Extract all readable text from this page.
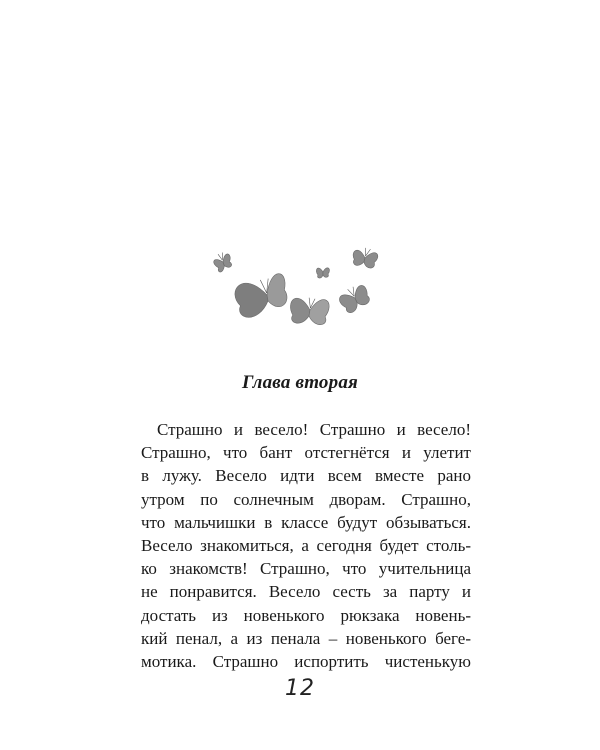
Глава вторая
Страшно и весело! Страшно и весело!
Страшно, что бант отстегнётся и улетит
в лужу. Весело идти всем вместе рано
утром по солнечным дворам. Страшно,
что мальчишки в классе будут обзываться.
Весело знакомиться, а сегодня будет столь-
ко знакомств! Страшно, что учительница
не понравится. Весело сесть за парту и
достать из новенького рюкзака новень-
кий пенал, а из пенала – новенького беге-
мотика. Страшно испортить чистенькую
12
